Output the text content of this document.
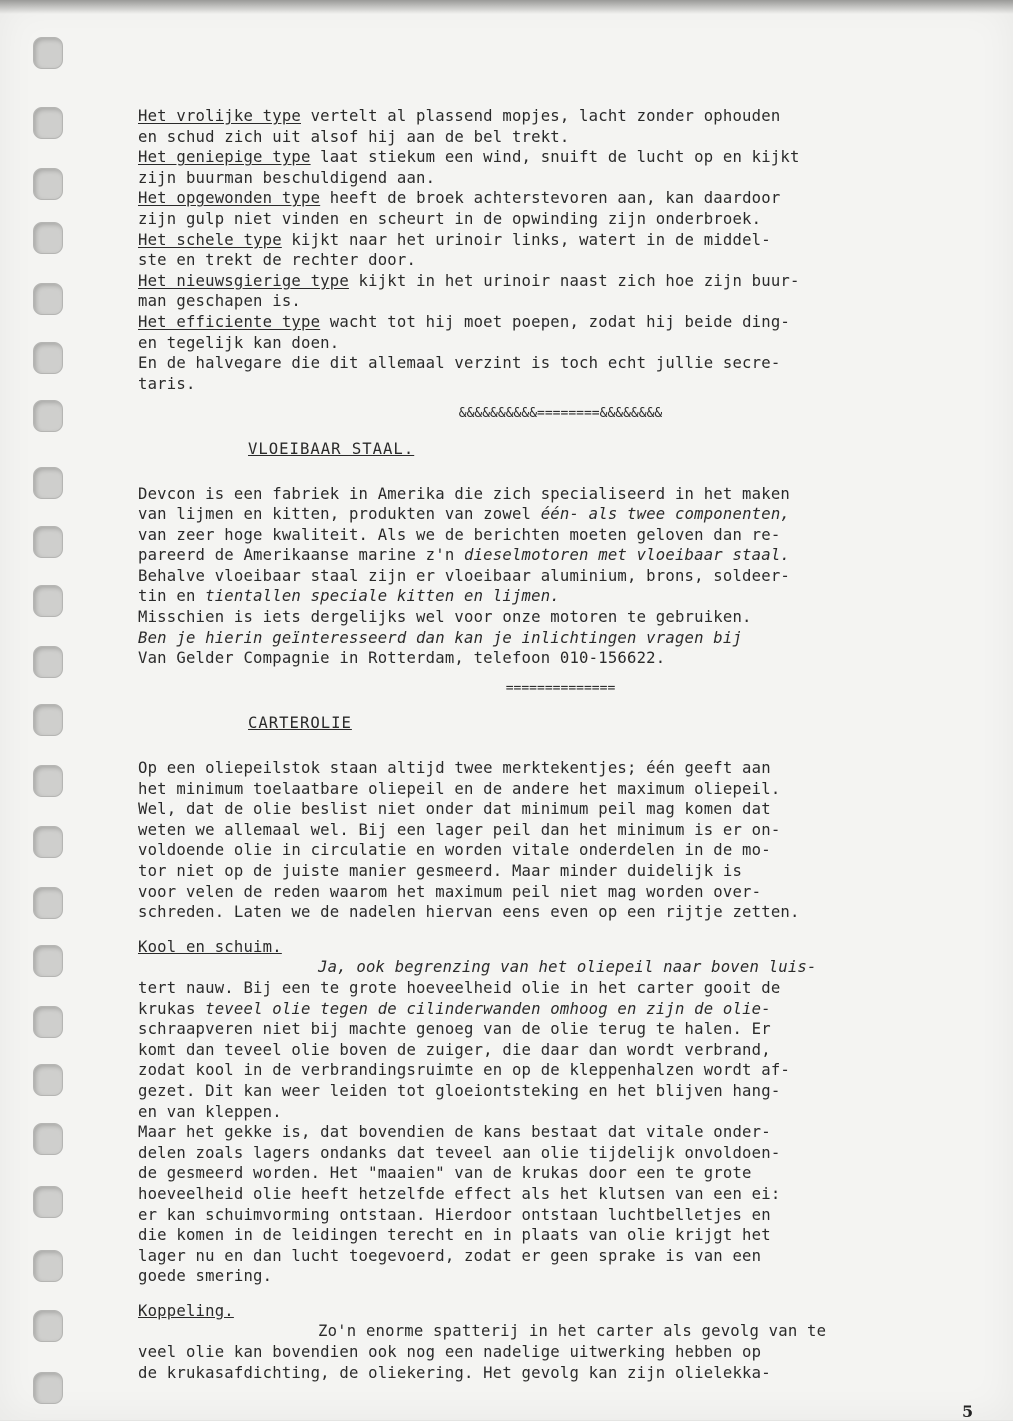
Het vrolijke type vertelt al plassend mopjes, lacht zonder ophouden
en schud zich uit alsof hij aan de bel trekt.

Het geniepige type laat stiekum een wind, snuift de lucht op en kijkt
zijn buurman beschuldigend aan.

Het opgewonden type heeft de broek achterstevoren aan, kan daardoor
zijn gulp niet vinden en scheurt in de opwinding zijn onderbroek.

Het schele type kijkt naar het urinoir links, watert in de middel-
ste en trekt de rechter door.

Het nieuwsgierige type kijkt in het urinoir naast zich hoe zijn buur-
man geschapen is.

Het efficiente type wacht tot hij moet poepen, zodat hij beide ding-
en tegelijk kan doen.

En de halvegare die dit allemaal verzint is toch echt jullie secre-
taris.

&&&&&&&&&&========&&&&&&&&

VLOEIBAAR STAAL.

Devcon is een fabriek in Amerika die zich specialiseerd in het maken
van lijmen en kitten, produkten van zowel één- als twee componenten,
van zeer hoge kwaliteit. Als we de berichten moeten geloven dan re-
pareerd de Amerikaanse marine z'n dieselmotoren met vloeibaar staal.
Behalve vloeibaar staal zijn er vloeibaar aluminium, brons, soldeer-
tin en tientallen speciale kitten en lijmen.
Misschien is iets dergelijks wel voor onze motoren te gebruiken.
Ben je hierin geïnteresseerd dan kan je inlichtingen vragen bij
Van Gelder Compagnie in Rotterdam, telefoon 010-156622.

==============

CARTEROLIE

Op een oliepeilstok staan altijd twee merktekentjes; één geeft aan
het minimum toelaatbare oliepeil en de andere het maximum oliepeil.
Wel, dat de olie beslist niet onder dat minimum peil mag komen dat
weten we allemaal wel. Bij een lager peil dan het minimum is er on-
voldoende olie in circulatie en worden vitale onderdelen in de mo-
tor niet op de juiste manier gesmeerd. Maar minder duidelijk is
voor velen de reden waarom het maximum peil niet mag worden over-
schreden. Laten we de nadelen hiervan eens even op een rijtje zetten.

Kool en schuim.

Ja, ook begrenzing van het oliepeil naar boven luis-
tert nauw. Bij een te grote hoeveelheid olie in het carter gooit de
krukas teveel olie tegen de cilinderwanden omhoog en zijn de olie-
schraapveren niet bij machte genoeg van de olie terug te halen. Er
komt dan teveel olie boven de zuiger, die daar dan wordt verbrand,
zodat kool in de verbrandingsruimte en op de kleppenhalzen wordt af-
gezet. Dit kan weer leiden tot gloeiontsteking en het blijven hang-
en van kleppen.

Maar het gekke is, dat bovendien de kans bestaat dat vitale onder-
delen zoals lagers ondanks dat teveel aan olie tijdelijk onvoldoen-
de gesmeerd worden. Het "maaien" van de krukas door een te grote
hoeveelheid olie heeft hetzelfde effect als het klutsen van een ei:
er kan schuimvorming ontstaan. Hierdoor ontstaan luchtbelletjes en
die komen in de leidingen terecht en in plaats van olie krijgt het
lager nu en dan lucht toegevoerd, zodat er geen sprake is van een
goede smering.

Koppeling.

Zo'n enorme spatterij in het carter als gevolg van te
veel olie kan bovendien ook nog een nadelige uitwerking hebben op
de krukasafdichting, de oliekering. Het gevolg kan zijn olielekka-

5
